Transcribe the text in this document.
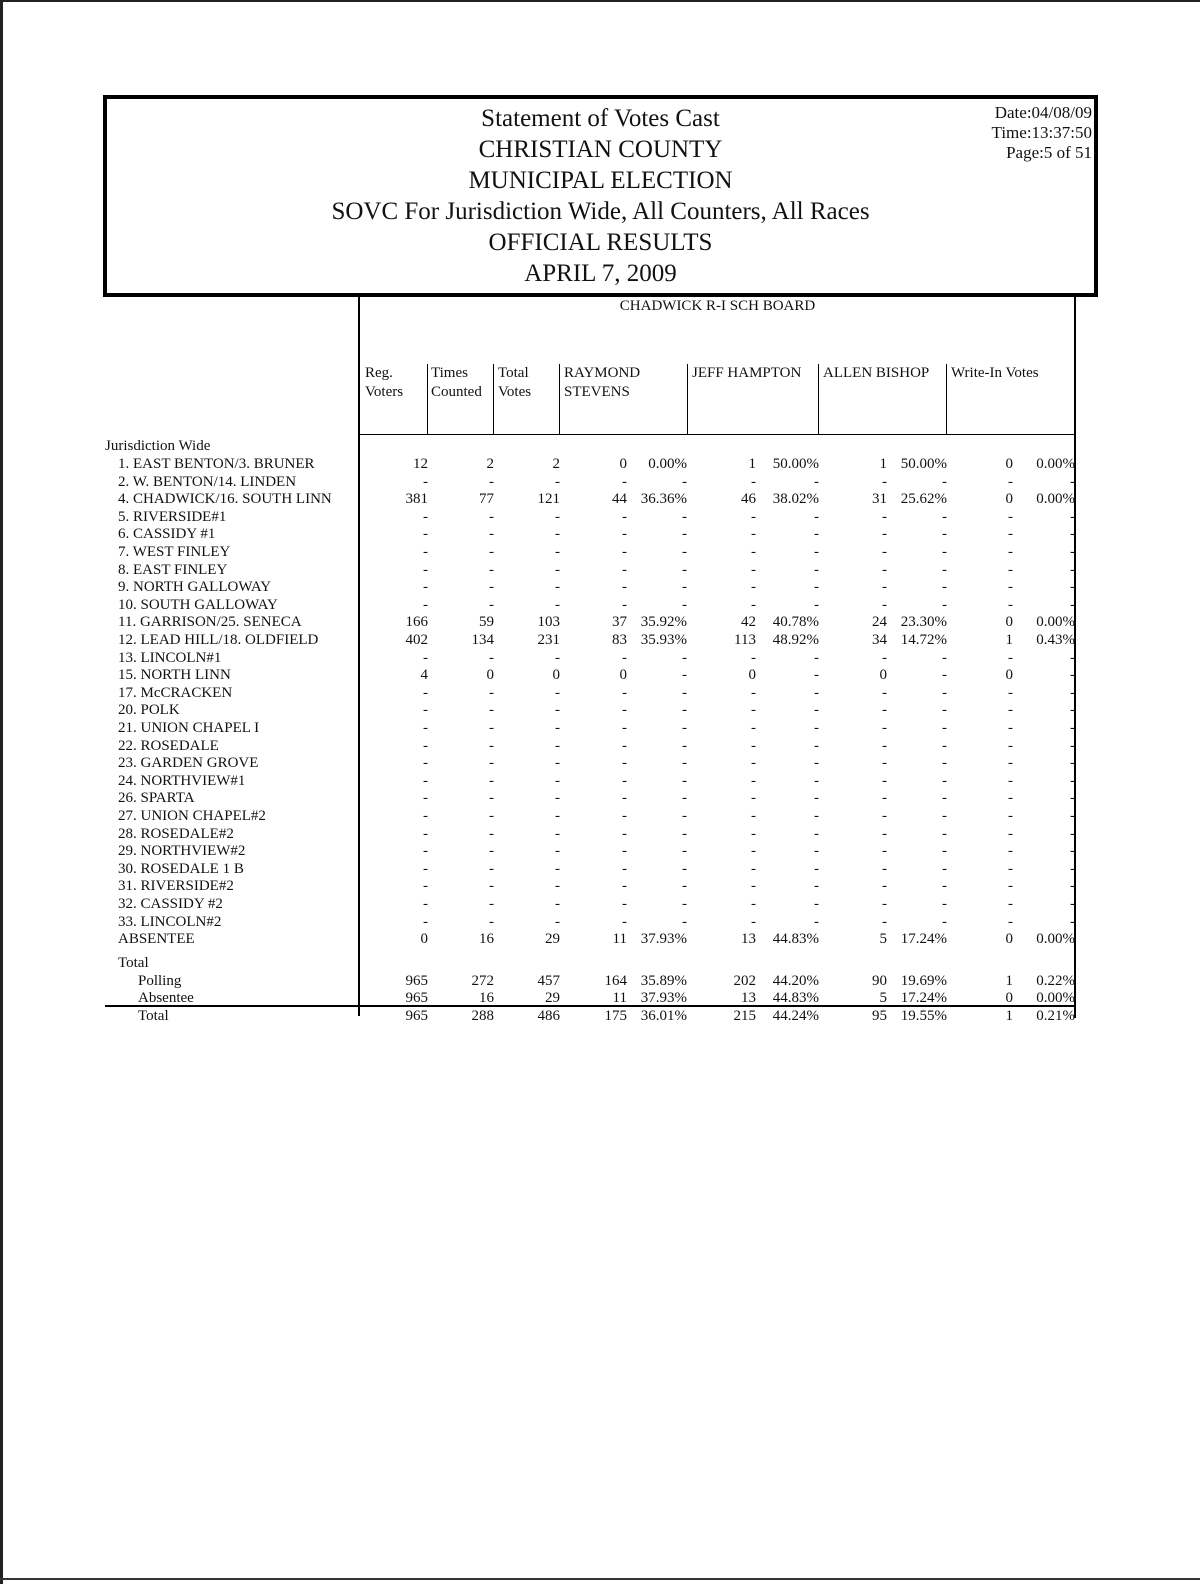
Statement of Votes Cast
CHRISTIAN COUNTY
MUNICIPAL ELECTION
SOVC For Jurisdiction Wide, All Counters, All Races
OFFICIAL RESULTS
APRIL 7, 2009
Date:04/08/09
Time:13:37:50
Page:5 of 51
CHADWICK R-I SCH BOARD
Reg.
Voters
Times
Counted
Total
Votes
RAYMOND
STEVENS
JEFF HAMPTON ALLEN BISHOP Write-In Votes
Jurisdiction Wide
1. EAST BENTON/3. BRUNER	12	2	2	0	0.00%	1	50.00%	1 50.00%	0	0.00%
2. W. BENTON/14. LINDEN	-	-	-	-	-	-	-	-	-	-	-
4. CHADWICK/16. SOUTH LINN	381	77	121	44 36.36%	46	38.02%	31 25.62%	0	0.00%
5. RIVERSIDE#1	-	-	-	-	-	-	-	-	-	-	-
6. CASSIDY #1	-	-	-	-	-	-	-	-	-	-	-
7. WEST FINLEY	-	-	-	-	-	-	-	-	-	-	-
8. EAST FINLEY	-	-	-	-	-	-	-	-	-	-	-
9. NORTH GALLOWAY	-	-	-	-	-	-	-	-	-	-	-
10. SOUTH GALLOWAY	-	-	-	-	-	-	-	-	-	-	-
11. GARRISON/25. SENECA	166	59	103	37 35.92%	42	40.78%	24 23.30%	0	0.00%
12. LEAD HILL/18. OLDFIELD	402	134	231	83 35.93%	113	48.92%	34 14.72%	1	0.43%
13. LINCOLN#1	-	-	-	-	-	-	-	-	-	-	-
15. NORTH LINN	4	0	0	0	-	0	-	0	-	0	-
17. McCRACKEN	-	-	-	-	-	-	-	-	-	-	-
20. POLK	-	-	-	-	-	-	-	-	-	-	-
21. UNION CHAPEL I	-	-	-	-	-	-	-	-	-	-	-
22. ROSEDALE	-	-	-	-	-	-	-	-	-	-	-
23. GARDEN GROVE	-	-	-	-	-	-	-	-	-	-	-
24. NORTHVIEW#1	-	-	-	-	-	-	-	-	-	-	-
26. SPARTA	-	-	-	-	-	-	-	-	-	-	-
27. UNION CHAPEL#2	-	-	-	-	-	-	-	-	-	-	-
28. ROSEDALE#2	-	-	-	-	-	-	-	-	-	-	-
29. NORTHVIEW#2	-	-	-	-	-	-	-	-	-	-	-
30. ROSEDALE 1 B	-	-	-	-	-	-	-	-	-	-	-
31. RIVERSIDE#2	-	-	-	-	-	-	-	-	-	-	-
32. CASSIDY #2	-	-	-	-	-	-	-	-	-	-	-
33. LINCOLN#2	-	-	-	-	-	-	-	-	-	-	-
ABSENTEE	0	16	29	11 37.93%	13	44.83%	5 17.24%	0	0.00%
Total
Polling	965	272	457	164 35.89%	202	44.20%	90 19.69%	1	0.22%
Absentee	965	16	29	11 37.93%	13	44.83%	5 17.24%	0	0.00%
Total	965	288	486	175 36.01%	215	44.24%	95 19.55%	1	0.21%
